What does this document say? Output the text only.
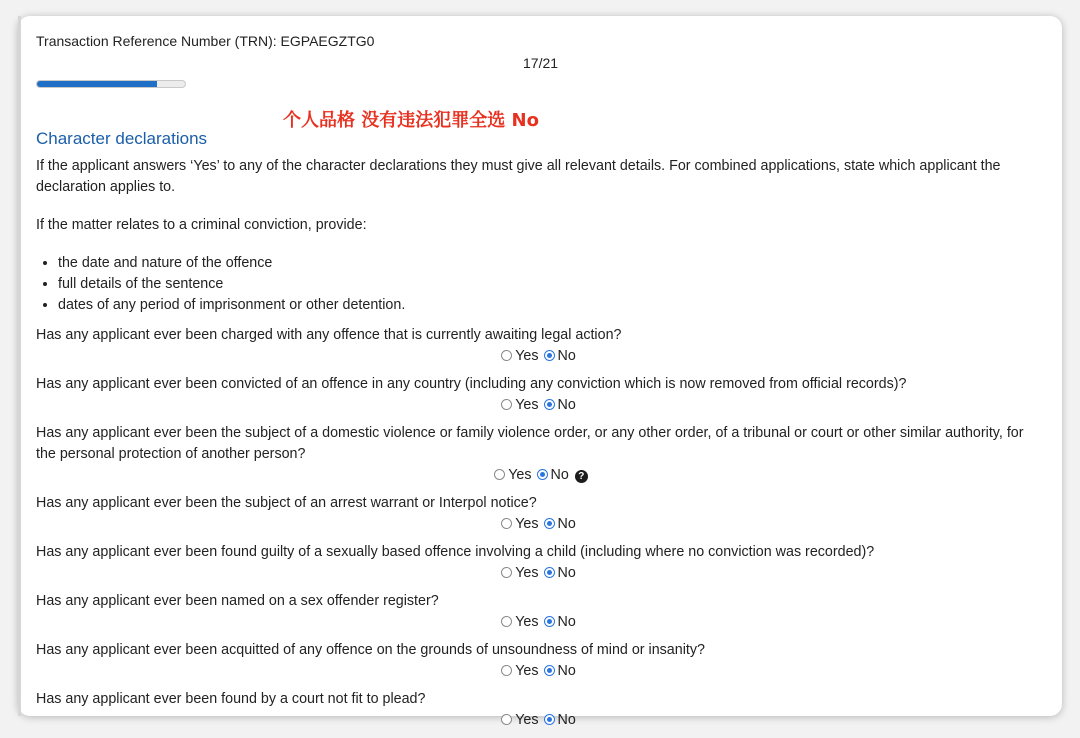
Transaction Reference Number (TRN): EGPAEGZTG0
17/21
个人品格 没有违法犯罪全选 No
Character declarations

If the applicant answers ‘Yes’ to any of the character declarations they must give all relevant details. For combined applications, state which applicant the declaration applies to.

If the matter relates to a criminal conviction, provide:

• the date and nature of the offence
• full details of the sentence
• dates of any period of imprisonment or other detention.
Has any applicant ever been charged with any offence that is currently awaiting legal action?
Yes No
Has any applicant ever been convicted of an offence in any country (including any conviction which is now removed from official records)?
Yes No
Has any applicant ever been the subject of a domestic violence or family violence order, or any other order, of a tribunal or court or other similar authority, for the personal protection of another person?
Yes No ?
Has any applicant ever been the subject of an arrest warrant or Interpol notice?
Yes No
Has any applicant ever been found guilty of a sexually based offence involving a child (including where no conviction was recorded)?
Yes No
Has any applicant ever been named on a sex offender register?
Yes No
Has any applicant ever been acquitted of any offence on the grounds of unsoundness of mind or insanity?
Yes No
Has any applicant ever been found by a court not fit to plead?
Yes No
